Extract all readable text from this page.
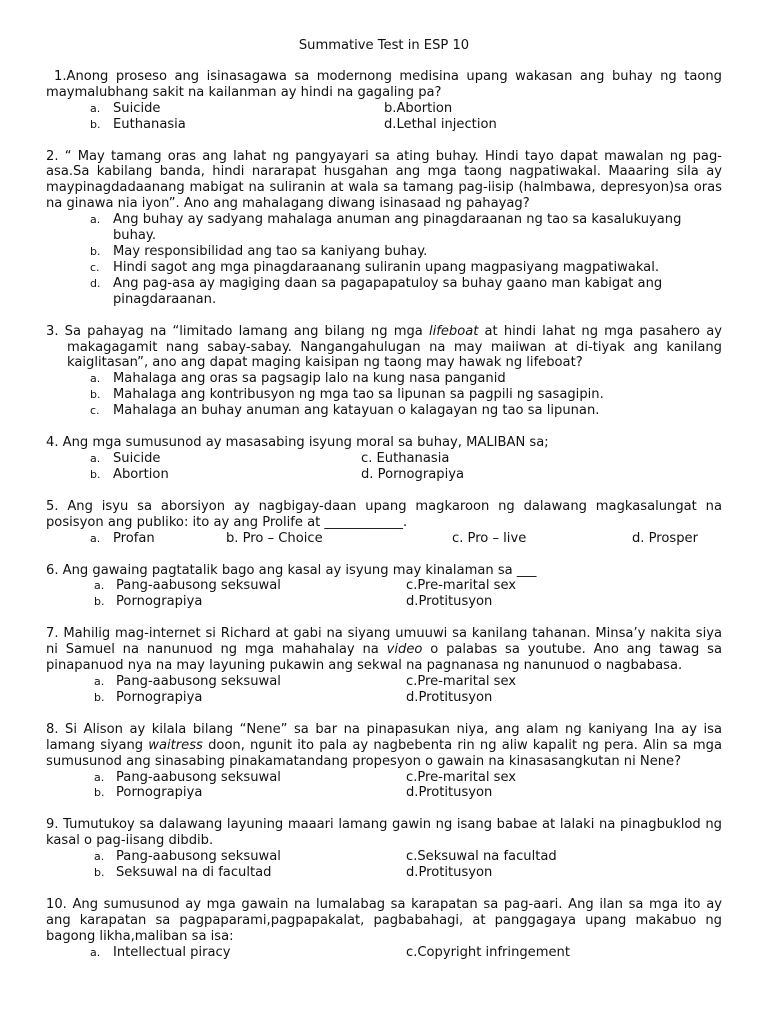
Summative Test in ESP 10
1.Anong proseso ang isinasagawa sa modernong medisina upang wakasan ang buhay ng taong maymalubhang sakit na kailanman ay hindi na gagaling pa?
a. Suicide	b.Abortion
b. Euthanasia	d.Lethal injection
2. “ May tamang oras ang lahat ng pangyayari sa ating buhay. Hindi tayo dapat mawalan ng pag-asa.Sa kabilang banda, hindi nararapat husgahan ang mga taong nagpatiwakal. Maaaring sila ay maypinagdadaanang mabigat na suliranin at wala sa tamang pag-iisip (halmbawa, depresyon)sa oras na ginawa nia iyon”. Ano ang mahalagang diwang isinasaad ng pahayag?
a. Ang buhay ay sadyang mahalaga anuman ang pinagdaraanan ng tao sa kasalukuyang buhay.
b. May responsibilidad ang tao sa kaniyang buhay.
c. Hindi sagot ang mga pinagdaraanang suliranin upang magpasiyang magpatiwakal.
d. Ang pag-asa ay magiging daan sa pagapapatuloy sa buhay gaano man kabigat ang pinagdaraanan.
3. Sa pahayag na “limitado lamang ang bilang ng mga lifeboat at hindi lahat ng mga pasahero ay makagagamit nang sabay-sabay. Nangangahulugan na may maiiwan at di-tiyak ang kanilang kaiglitasan”, ano ang dapat maging kaisipan ng taong may hawak ng lifeboat?
a. Mahalaga ang oras sa pagsagip lalo na kung nasa panganid
b. Mahalaga ang kontribusyon ng mga tao sa lipunan sa pagpili ng sasagipin.
c. Mahalaga an buhay anuman ang katayuan o kalagayan ng tao sa lipunan.
4. Ang mga sumusunod ay masasabing isyung moral sa buhay, MALIBAN sa;
a. Suicide	c. Euthanasia
b. Abortion	d. Pornograpiya
5. Ang isyu sa aborsiyon ay nagbigay-daan upang magkaroon ng dalawang magkasalungat na posisyon ang publiko: ito ay ang Prolife at ____________.
a. Profan	b. Pro – Choice	c. Pro – live	d. Prosper
6. Ang gawaing pagtatalik bago ang kasal ay isyung may kinalaman sa ___
a. Pang-aabusong seksuwal	c.Pre-marital sex
b. Pornograpiya	d.Protitusyon
7. Mahilig mag-internet si Richard at gabi na siyang umuuwi sa kanilang tahanan. Minsa’y nakita siya ni Samuel na nanunuod ng mga mahahalay na video o palabas sa youtube. Ano ang tawag sa pinapanuod nya na may layuning pukawin ang sekwal na pagnanasa ng nanunuod o nagbabasa.
a. Pang-aabusong seksuwal	c.Pre-marital sex
b. Pornograpiya	d.Protitusyon
8. Si Alison ay kilala bilang “Nene” sa bar na pinapasukan niya, ang alam ng kaniyang Ina ay isa lamang siyang waitress doon, ngunit ito pala ay nagbebenta rin ng aliw kapalit ng pera. Alin sa mga sumusunod ang sinasabing pinakamatandang propesyon o gawain na kinasasangkutan ni Nene?
a. Pang-aabusong seksuwal	c.Pre-marital sex
b. Pornograpiya	d.Protitusyon
9. Tumutukoy sa dalawang layuning maaari lamang gawin ng isang babae at lalaki na pinagbuklod ng kasal o pag-iisang dibdib.
a. Pang-aabusong seksuwal	c.Seksuwal na facultad
b. Seksuwal na di facultad	d.Protitusyon
10. Ang sumusunod ay mga gawain na lumalabag sa karapatan sa pag-aari. Ang ilan sa mga ito ay ang karapatan sa pagpaparami,pagpapakalat, pagbabahagi, at panggagaya upang makabuo ng bagong likha,maliban sa isa:
a. Intellectual piracy	c.Copyright infringement
